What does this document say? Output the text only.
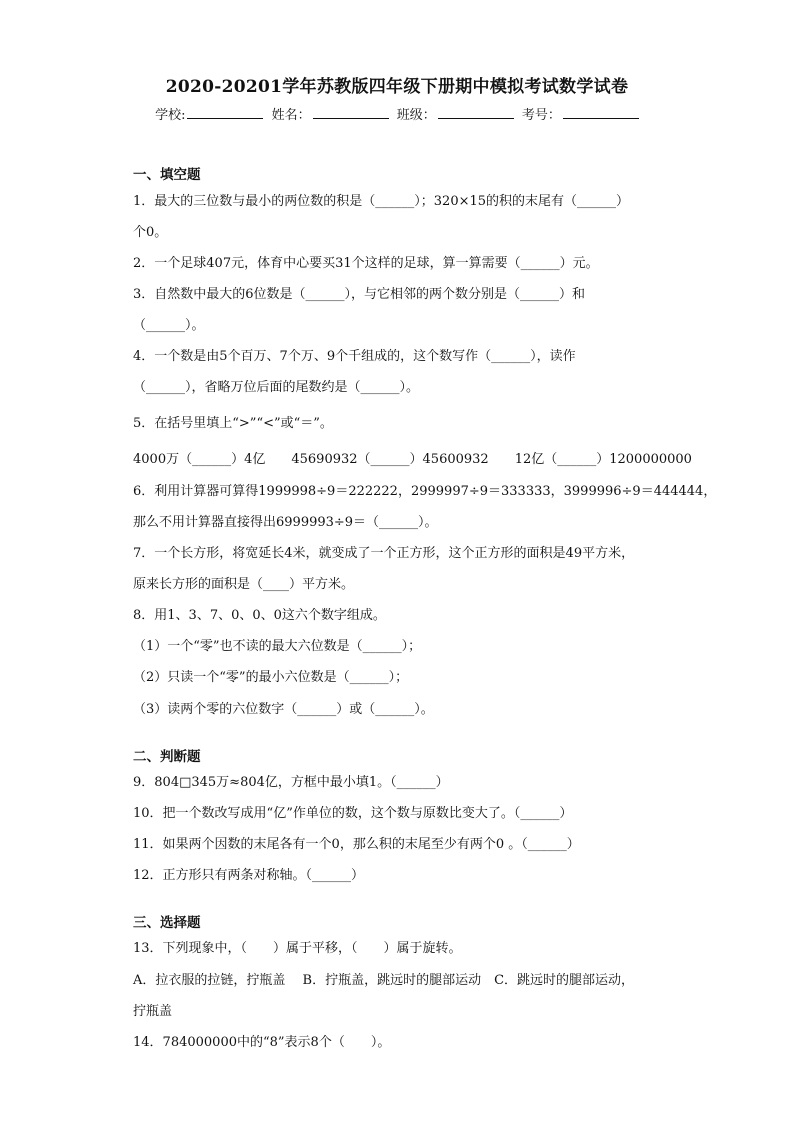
2020-20201学年苏教版四年级下册期中模拟考试数学试卷
学校:	姓名：	班级：	考号：
一、填空题
1．最大的三位数与最小的两位数的积是（______）；320×15的积的末尾有（______）
个0。
2．一个足球407元，体育中心要买31个这样的足球，算一算需要（______）元。
3．自然数中最大的6位数是（______），与它相邻的两个数分别是（______）和
（______）。
4．一个数是由5个百万、7个万、9个千组成的，这个数写作（______），读作
（______），省略万位后面的尾数约是（______）。
5．在括号里填上“>”“<”或“＝”。
4000万（______）4亿　　45690932（______）45600932　　12亿（______）1200000000
6．利用计算器可算得1999998÷9＝222222，2999997÷9＝333333，3999996÷9＝444444，
那么不用计算器直接得出6999993÷9＝（______）。
7．一个长方形，将宽延长4米，就变成了一个正方形，这个正方形的面积是49平方米，
原来长方形的面积是（____）平方米。
8．用1、3、7、0、0、0这六个数字组成。
（1）一个“零”也不读的最大六位数是（______）；
（2）只读一个“零”的最小六位数是（______）；
（3）读两个零的六位数字（______）或（______）。
二、判断题
9．804□345万≈804亿，方框中最小填1。（______）
10．把一个数改写成用“亿”作单位的数，这个数与原数比变大了。（______）
11．如果两个因数的末尾各有一个0，那么积的末尾至少有两个0 。（______）
12．正方形只有两条对称轴。（______）
三、选择题
13．下列现象中，（　　）属于平移，（　　）属于旋转。
A．拉衣服的拉链，拧瓶盖　 B．拧瓶盖，跳远时的腿部运动　C．跳远时的腿部运动，
拧瓶盖
14．784000000中的“8”表示8个（　　）。
